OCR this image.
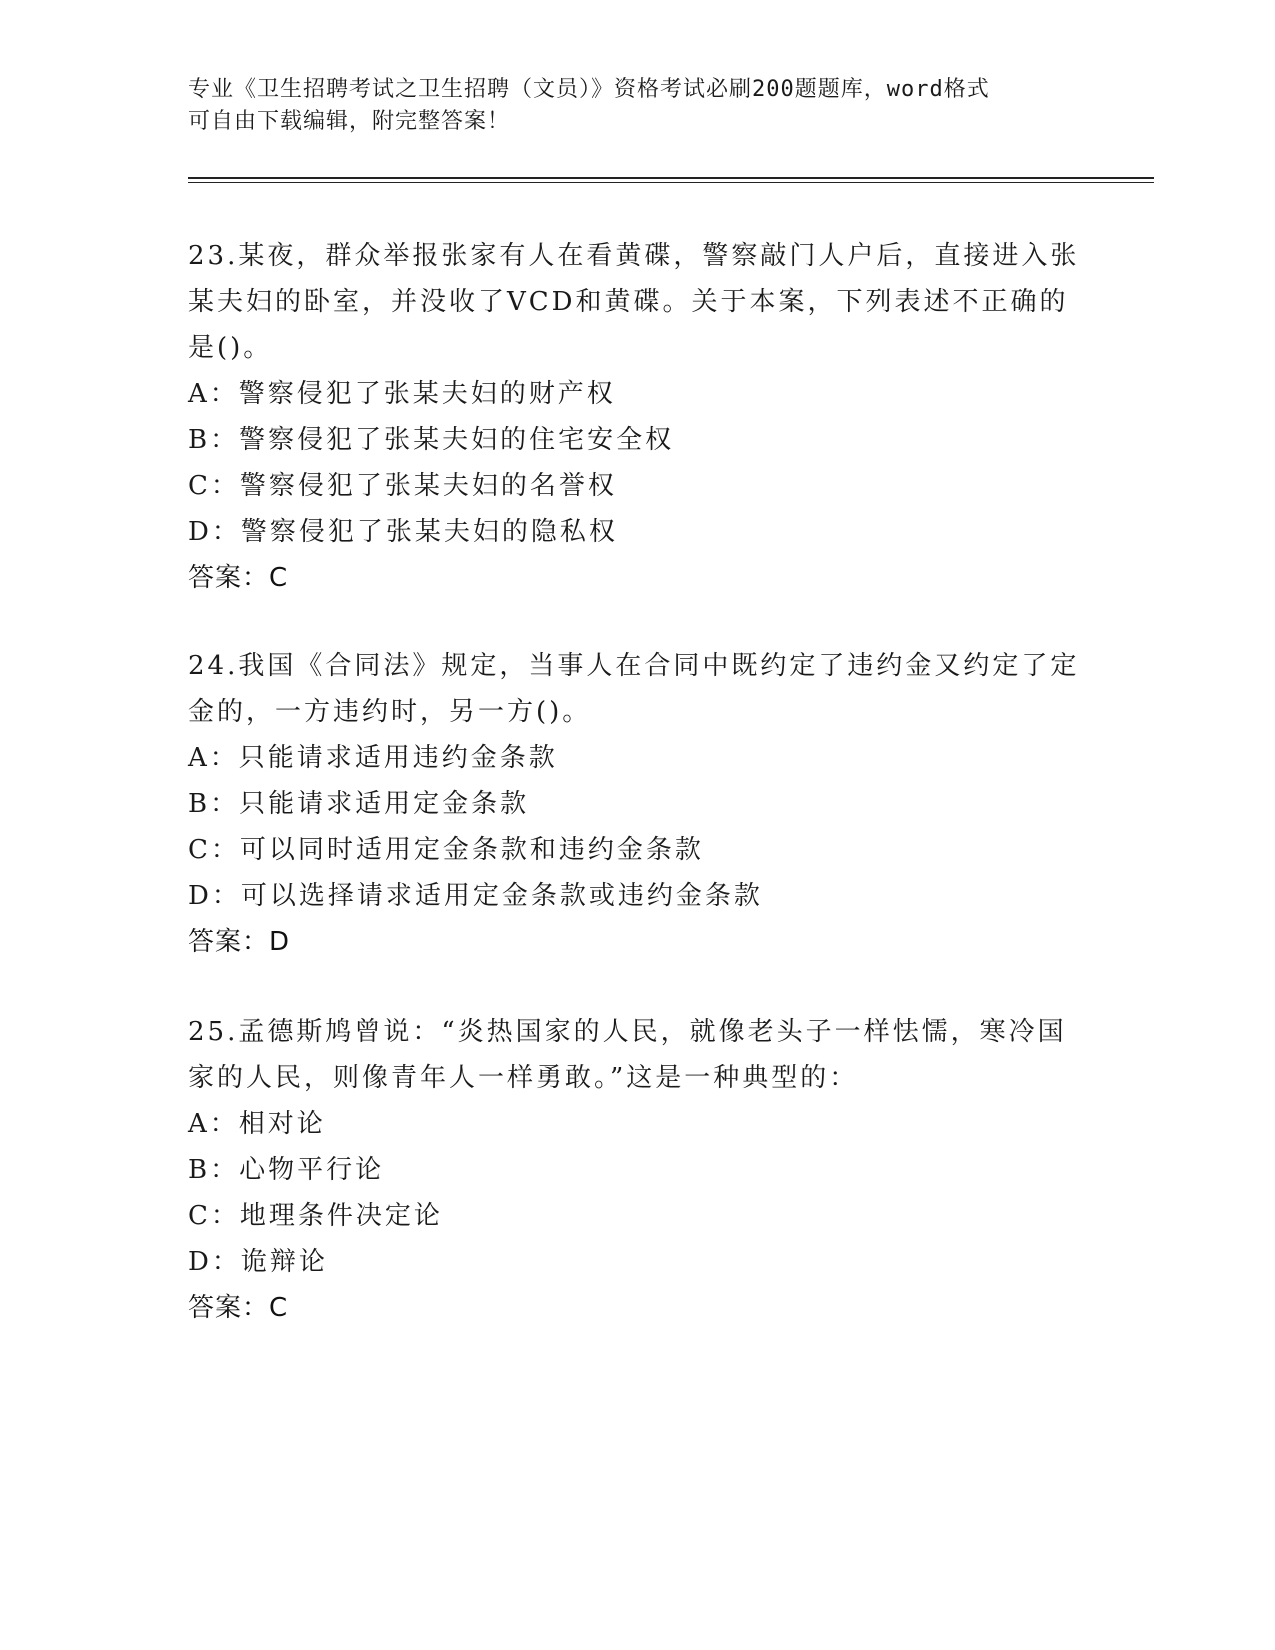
专业《卫生招聘考试之卫生招聘（文员）》资格考试必刷200题题库，word格式
可自由下载编辑，附完整答案！

23.某夜，群众举报张家有人在看黄碟，警察敲门人户后，直接进入张某夫妇的卧室，并没收了VCD和黄碟。关于本案，下列表述不正确的是()。

A：警察侵犯了张某夫妇的财产权

B：警察侵犯了张某夫妇的住宅安全权

C：警察侵犯了张某夫妇的名誉权

D：警察侵犯了张某夫妇的隐私权

答案：C

24.我国《合同法》规定，当事人在合同中既约定了违约金又约定了定金的，一方违约时，另一方()。

A：只能请求适用违约金条款

B：只能请求适用定金条款

C：可以同时适用定金条款和违约金条款

D：可以选择请求适用定金条款或违约金条款

答案：D

25.孟德斯鸠曾说：“炎热国家的人民，就像老头子一样怯懦，寒冷国家的人民，则像青年人一样勇敢。”这是一种典型的：

A：相对论

B：心物平行论

C：地理条件决定论

D：诡辩论

答案：C
